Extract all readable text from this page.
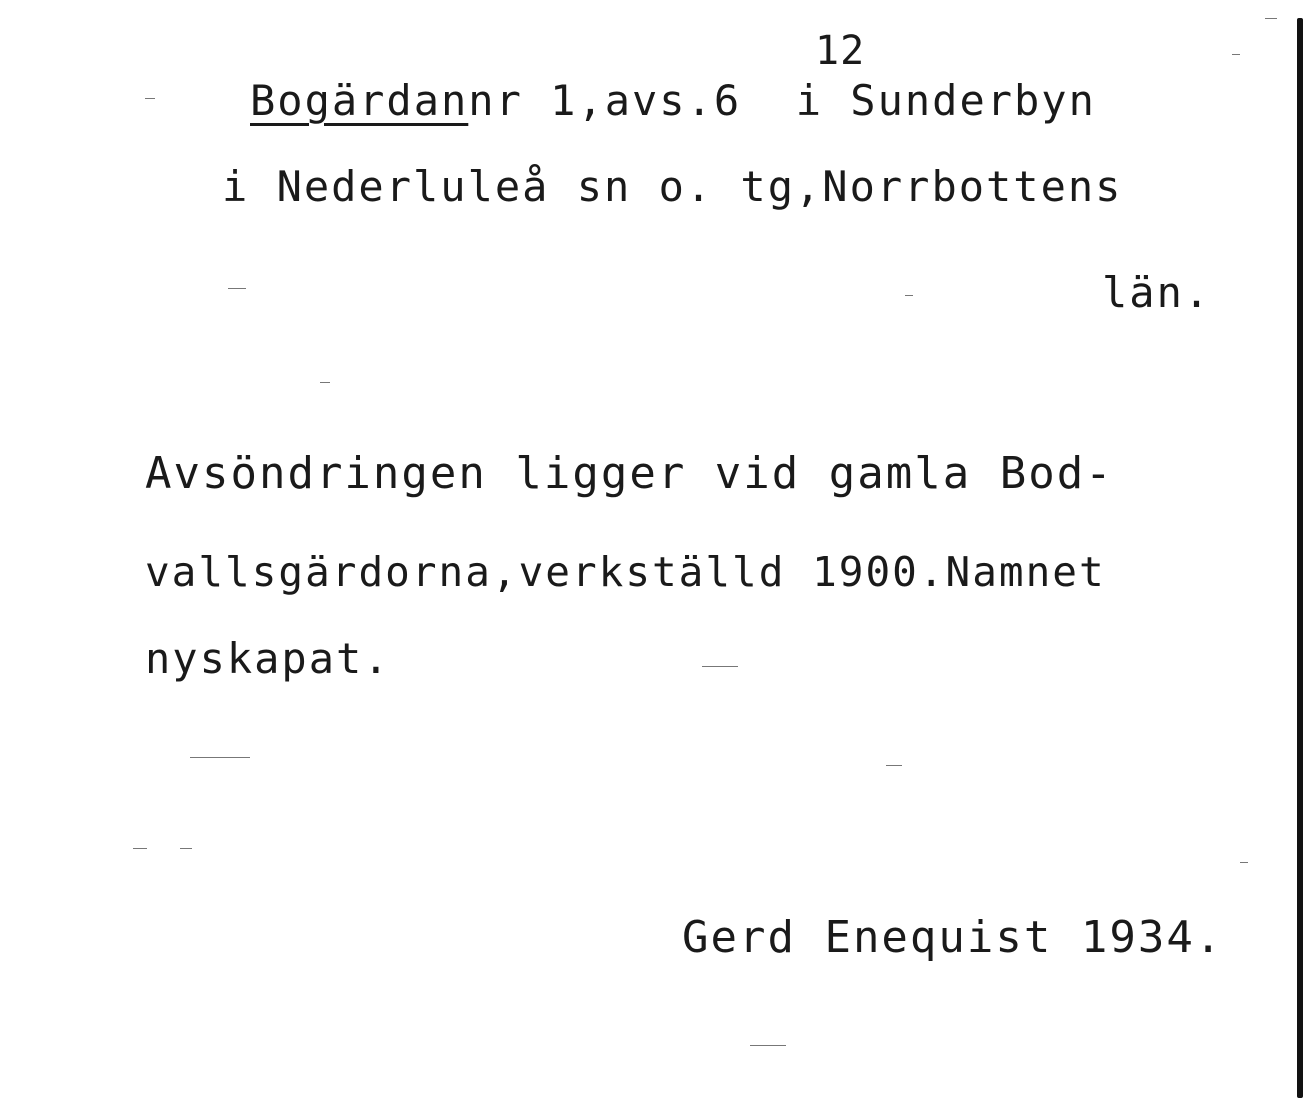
12
Bogärdannr 1,avs.6  i Sunderbyn
i Nederluleå sn o. tg,Norrbottens
län.
Avsöndringen ligger vid gamla Bod-
vallsgärdorna,verkställd 1900.Namnet
nyskapat.
Gerd Enequist 1934.
